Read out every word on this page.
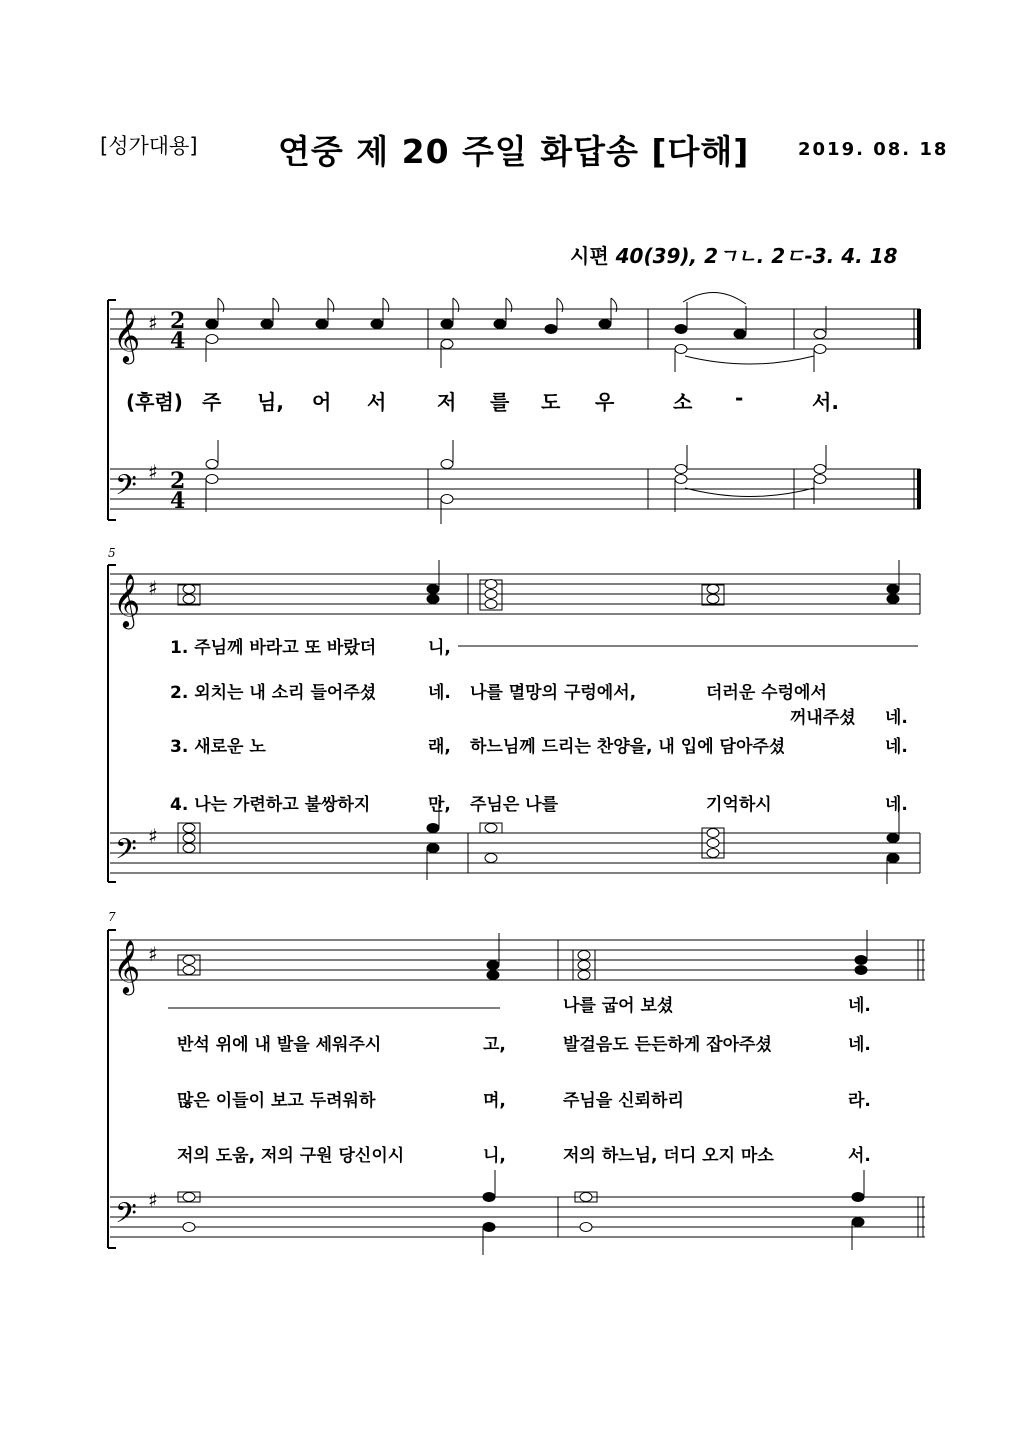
[성가대용] 연중 제 20 주일 화답송 [다해]	2019. 08. 18
시편 40(39), 2ㄱㄴ. 2ㄷ-3. 4. 18
𝄞 ♯
𝄢 ♯
2
4
2
4
5
𝄞 ♯
𝄢 ♯
7
𝄞 ♯
𝄢 ♯
(후렴) 주 님, 어 서	저 를 도 우	소 -	서.
1. 주님께 바라고 또 바랐더	니,
2. 외치는 내 소리 들어주셨	네. 나를 멸망의 구렁에서,	더러운 수렁에서
꺼내주셨 네.
3. 새로운 노	래, 하느님께 드리는 찬양을, 내 입에 담아주셨	네.
4. 나는 가련하고 불쌍하지	만, 주님은 나를	기억하시	네.
나를 굽어 보셨	네.
반석 위에 내 발을 세워주시	고,	발걸음도 든든하게 잡아주셨	네.
많은 이들이 보고 두려워하	며,	주님을 신뢰하리	라.
저의 도움, 저의 구원 당신이시	니,	저의 하느님, 더디 오지 마소	서.
